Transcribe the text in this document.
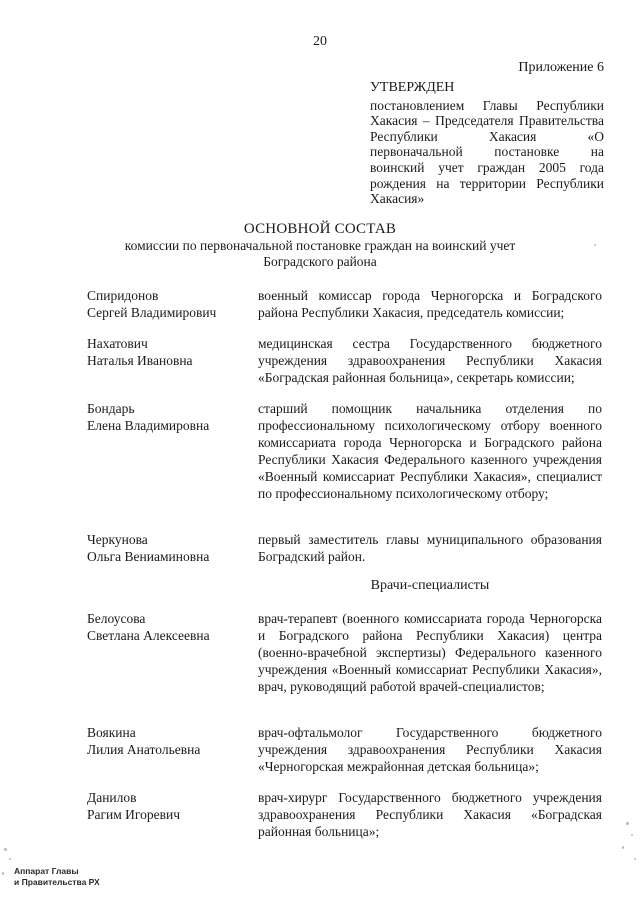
20
Приложение 6
УТВЕРЖДЕН
постановлением Главы Республики Хакасия – Председателя Правительства Республики Хакасия «О первоначальной постановке на воинский учет граждан 2005 года рождения на территории Республики Хакасия»
ОСНОВНОЙ СОСТАВ
комиссии по первоначальной постановке граждан на воинский учет
Боградского района
Спиридонов
Сергей Владимирович
военный комиссар города Черногорска и Боградского района Республики Хакасия, председатель комиссии;
Нахатович
Наталья Ивановна
медицинская сестра Государственного бюджетного учреждения здравоохранения Республики Хакасия «Боградская районная больница», секретарь комиссии;
Бондарь
Елена Владимировна
старший помощник начальника отделения по профессиональному психологическому отбору военного комиссариата города Черногорска и Боградского района Республики Хакасия Федерального казенного учреждения «Военный комиссариат Республики Хакасия», специалист по профессиональному психологическому отбору;
Черкунова
Ольга Вениаминовна
первый заместитель главы муниципального образования Боградский район.
Врачи-специалисты
Белоусова
Светлана Алексеевна
врач-терапевт (военного комиссариата города Черногорска и Боградского района Республики Хакасия) центра (военно-врачебной экспертизы) Федерального казенного учреждения «Военный комиссариат Республики Хакасия», врач, руководящий работой врачей-специалистов;
Воякина
Лилия Анатольевна
врач-офтальмолог Государственного бюджетного учреждения здравоохранения Республики Хакасия «Черногорская межрайонная детская больница»;
Данилов
Рагим Игоревич
врач-хирург Государственного бюджетного учреждения здравоохранения Республики Хакасия «Боградская районная больница»;
Аппарат Главы
и Правительства РХ
